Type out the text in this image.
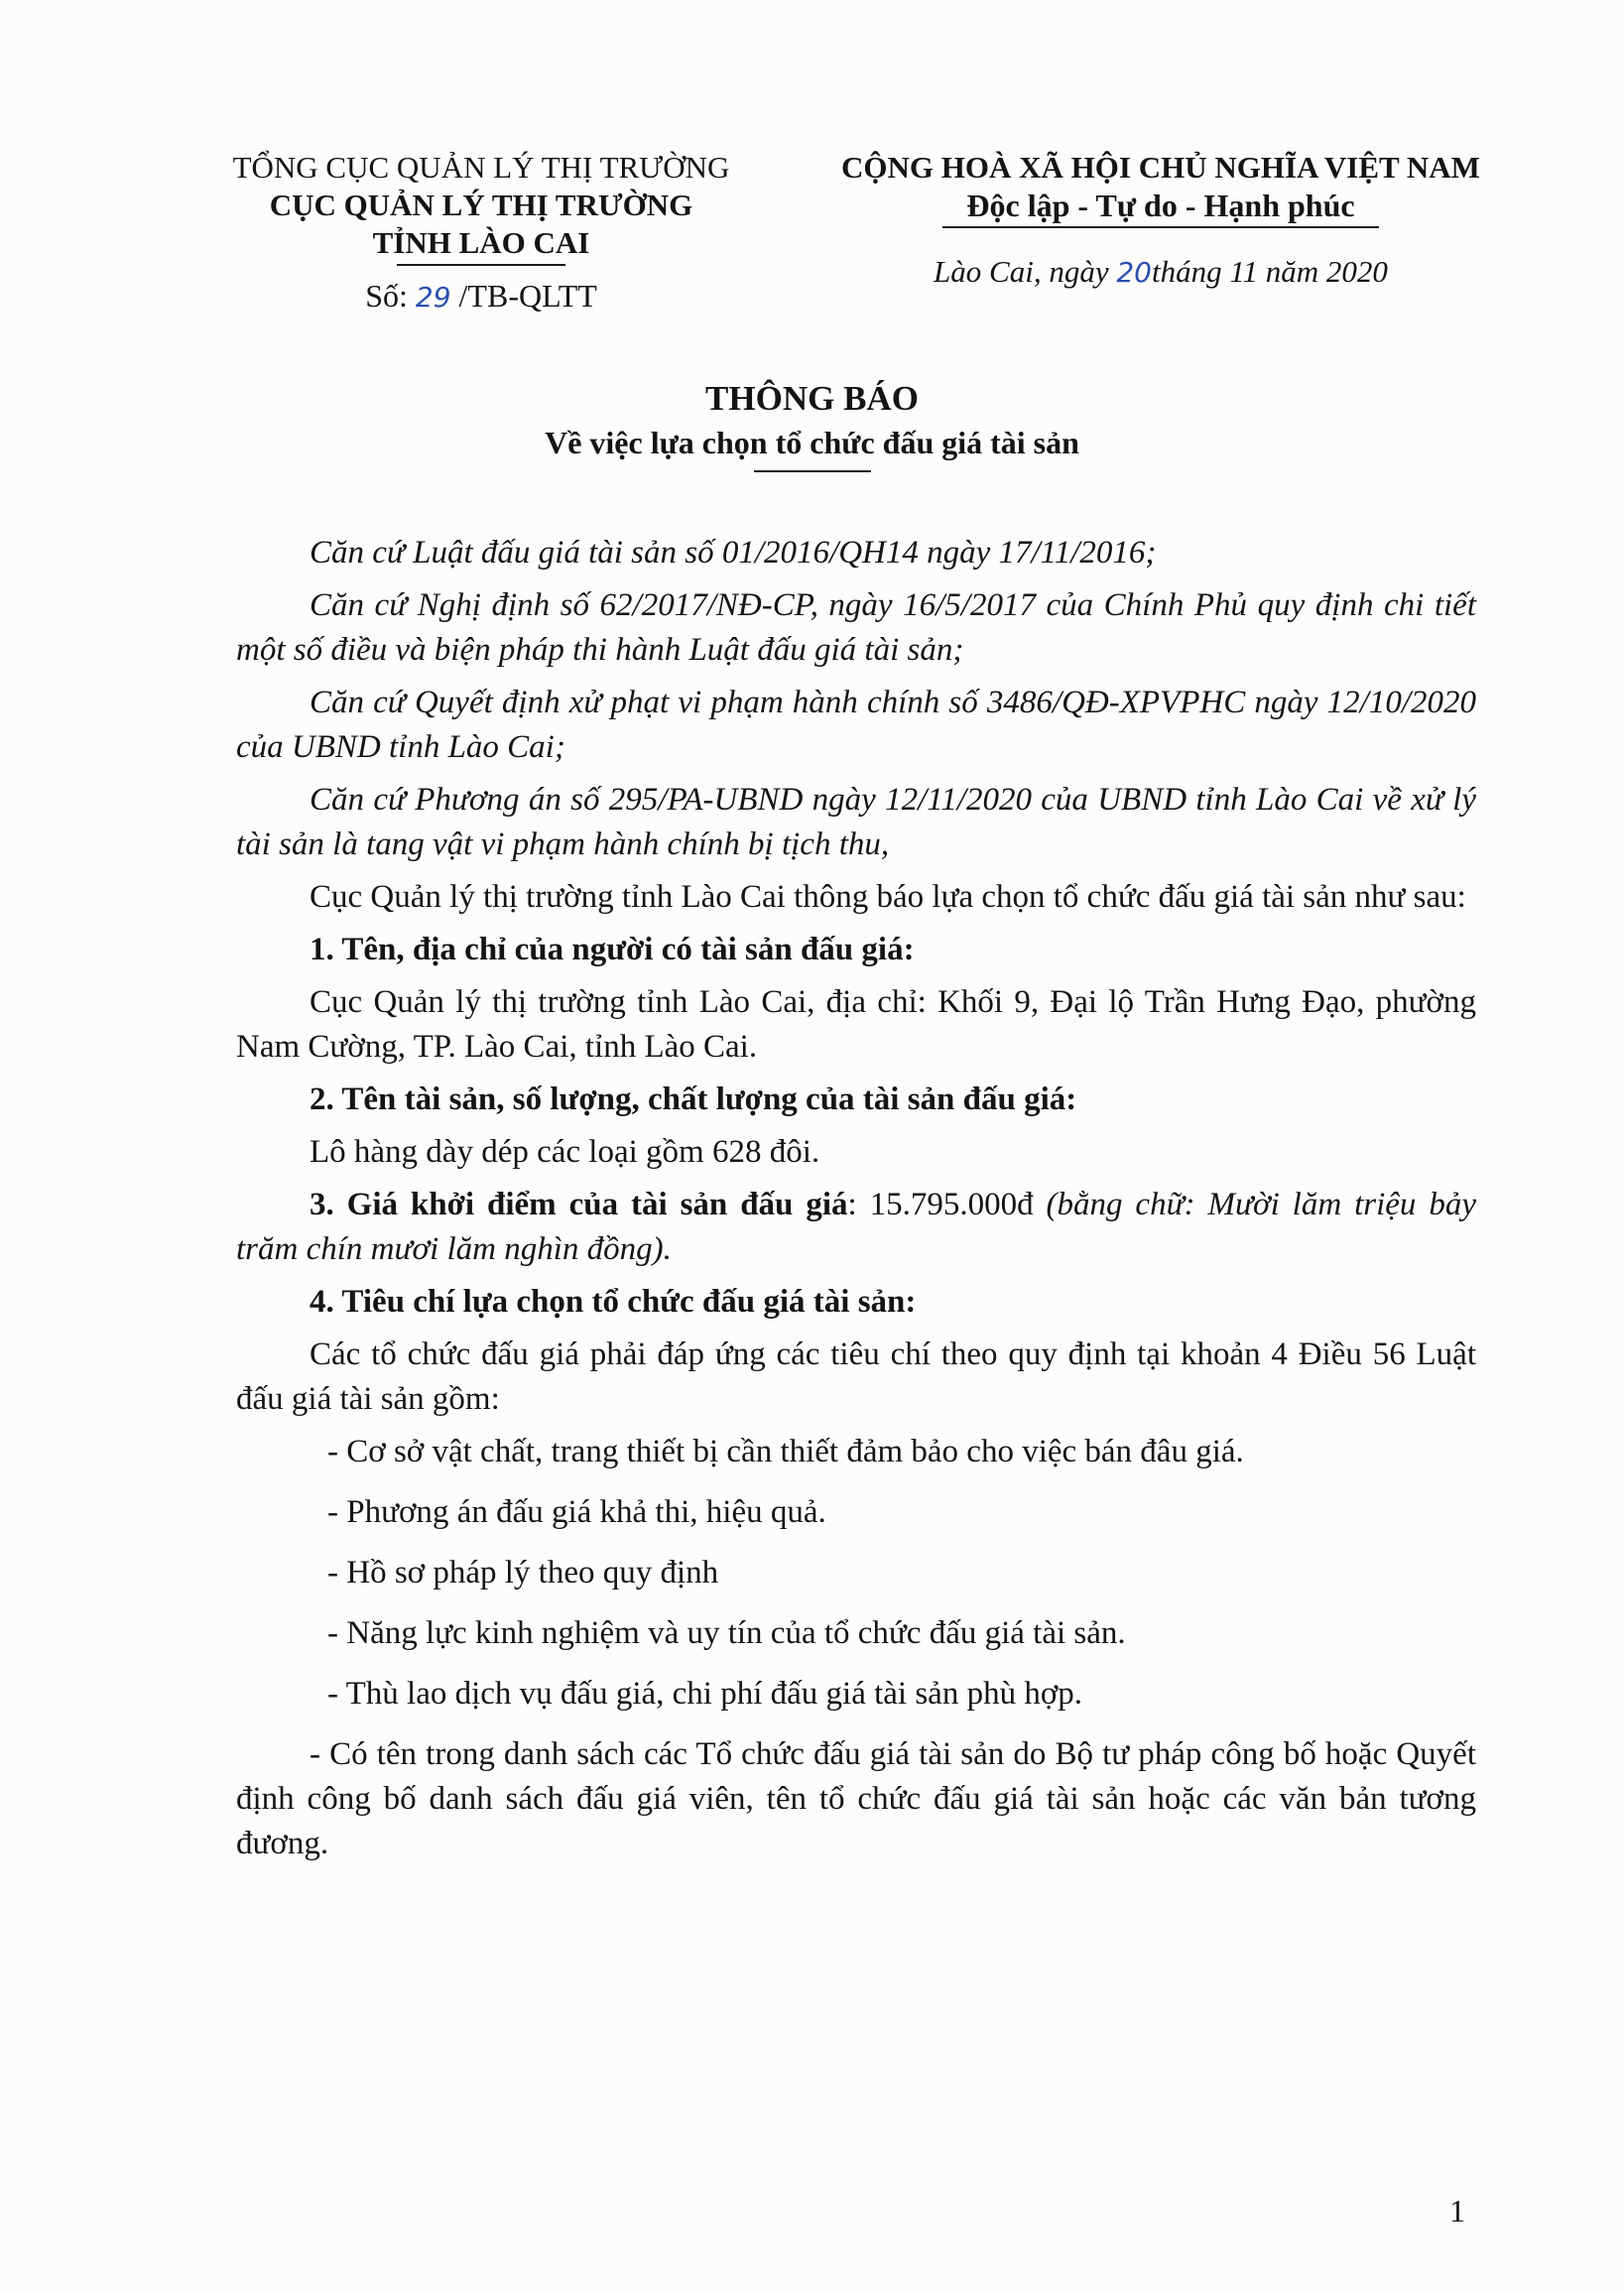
TỔNG CỤC QUẢN LÝ THỊ TRƯỜNG
CỤC QUẢN LÝ THỊ TRƯỜNG
TỈNH LÀO CAI
Số: 29 /TB-QLTT
CỘNG HOÀ XÃ HỘI CHỦ NGHĨA VIỆT NAM
Độc lập - Tự do - Hạnh phúc
Lào Cai, ngày 20tháng 11 năm 2020
THÔNG BÁO
Về việc lựa chọn tổ chức đấu giá tài sản

Căn cứ Luật đấu giá tài sản số 01/2016/QH14 ngày 17/11/2016;

Căn cứ Nghị định số 62/2017/NĐ-CP, ngày 16/5/2017 của Chính Phủ quy định chi tiết một số điều và biện pháp thi hành Luật đấu giá tài sản;

Căn cứ Quyết định xử phạt vi phạm hành chính số 3486/QĐ-XPVPHC ngày 12/10/2020 của UBND tỉnh Lào Cai;

Căn cứ Phương án số 295/PA-UBND ngày 12/11/2020 của UBND tỉnh Lào Cai về xử lý tài sản là tang vật vi phạm hành chính bị tịch thu,

Cục Quản lý thị trường tỉnh Lào Cai thông báo lựa chọn tổ chức đấu giá tài sản như sau:

1. Tên, địa chỉ của người có tài sản đấu giá:

Cục Quản lý thị trường tỉnh Lào Cai, địa chỉ: Khối 9, Đại lộ Trần Hưng Đạo, phường Nam Cường, TP. Lào Cai, tỉnh Lào Cai.

2. Tên tài sản, số lượng, chất lượng của tài sản đấu giá:

Lô hàng dày dép các loại gồm 628 đôi.

3. Giá khởi điểm của tài sản đấu giá: 15.795.000đ (bằng chữ: Mười lăm triệu bảy trăm chín mươi lăm nghìn đồng).

4. Tiêu chí lựa chọn tổ chức đấu giá tài sản:

Các tổ chức đấu giá phải đáp ứng các tiêu chí theo quy định tại khoản 4 Điều 56 Luật đấu giá tài sản gồm:

- Cơ sở vật chất, trang thiết bị cần thiết đảm bảo cho việc bán đâu giá.
- Phương án đấu giá khả thi, hiệu quả.
- Hồ sơ pháp lý theo quy định
- Năng lực kinh nghiệm và uy tín của tổ chức đấu giá tài sản.
- Thù lao dịch vụ đấu giá, chi phí đấu giá tài sản phù hợp.

- Có tên trong danh sách các Tổ chức đấu giá tài sản do Bộ tư pháp công bố hoặc Quyết định công bố danh sách đấu giá viên, tên tổ chức đấu giá tài sản hoặc các văn bản tương đương.

1
